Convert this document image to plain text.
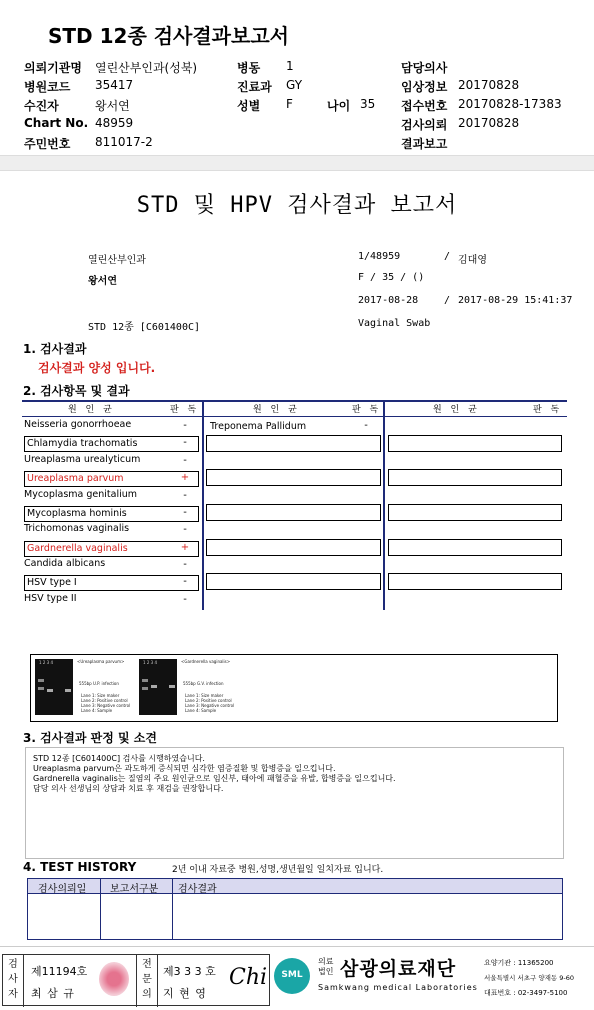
STD 12종 검사결과보고서
의뢰기관명 열린산부인과(성북)	병동 1	담당의사
병원코드 35417	진료과 GY	임상정보 20170828
수진자	왕서연	성별 F	나이 35 접수번호 20170828-17383
Chart No. 48959	검사의뢰 20170828
주민번호 811017-2	결과보고
STD 및 HPV 검사결과 보고서
열린산부인과	1/48959	/ 김대영
왕서연	F / 35 / ()
2017-08-28	/ 2017-08-29 15:41:37
STD 12종 [C601400C]	Vaginal Swab
1. 검사결과
검사결과 양성 입니다.
2. 검사항목 및 결과
원 인 균	판 독	원 인 균	판 독	원 인 균	판 독
Neisseria gonorrhoeae	-
Chlamydia trachomatis	-
Ureaplasma urealyticum	-
Ureaplasma parvum	+
Mycoplasma genitalium	-
Mycoplasma hominis	-
Trichomonas vaginalis	-
Gardnerella vaginalis	+
Candida albicans	-
HSV type I	-
HSV type II	-
Treponema Pallidum	-
1 2 3 4	<Ureaplasma parvum>
555bp U.P. infection
Lane 1: Size maker
Lane 2: Positive control
Lane 3: Negative control
Lane 4: Sample
1 2 3 4	<Gardnerella vaginalis>
555bp G.V. infection
Lane 1: Size maker
Lane 2: Positive control
Lane 3: Negative control
Lane 4: Sample
3. 검사결과 판정 및 소견
STD 12종 [C601400C] 검사를 시행하였습니다.
Ureaplasma parvum은 과도하게 증식되면 심각한 염증질환 및 합병증을 일으킵니다.
Gardnerella vaginalis는 질염의 주요 원인균으로 임신부, 태아에 패혈증을 유발, 합병증을 일으킵니다.
담당 의사 선생님의 상담과 치료 후 재검을 권장합니다.
4. TEST HISTORY	2년 이내 자료중 병원,성명,생년월일 일치자료 입니다.
검사의뢰일 보고서구분 검사결과
검
사
자
제11194호
최 삼 규
전
문
의
제3 3 3 호
지 현 영
Chi	SML
의료
법인 삼광의료재단
Samkwang medical Laboratories
요양기관 : 11365200
서울특별시 서초구 양재동 9-60
대표번호 : 02-3497-5100
